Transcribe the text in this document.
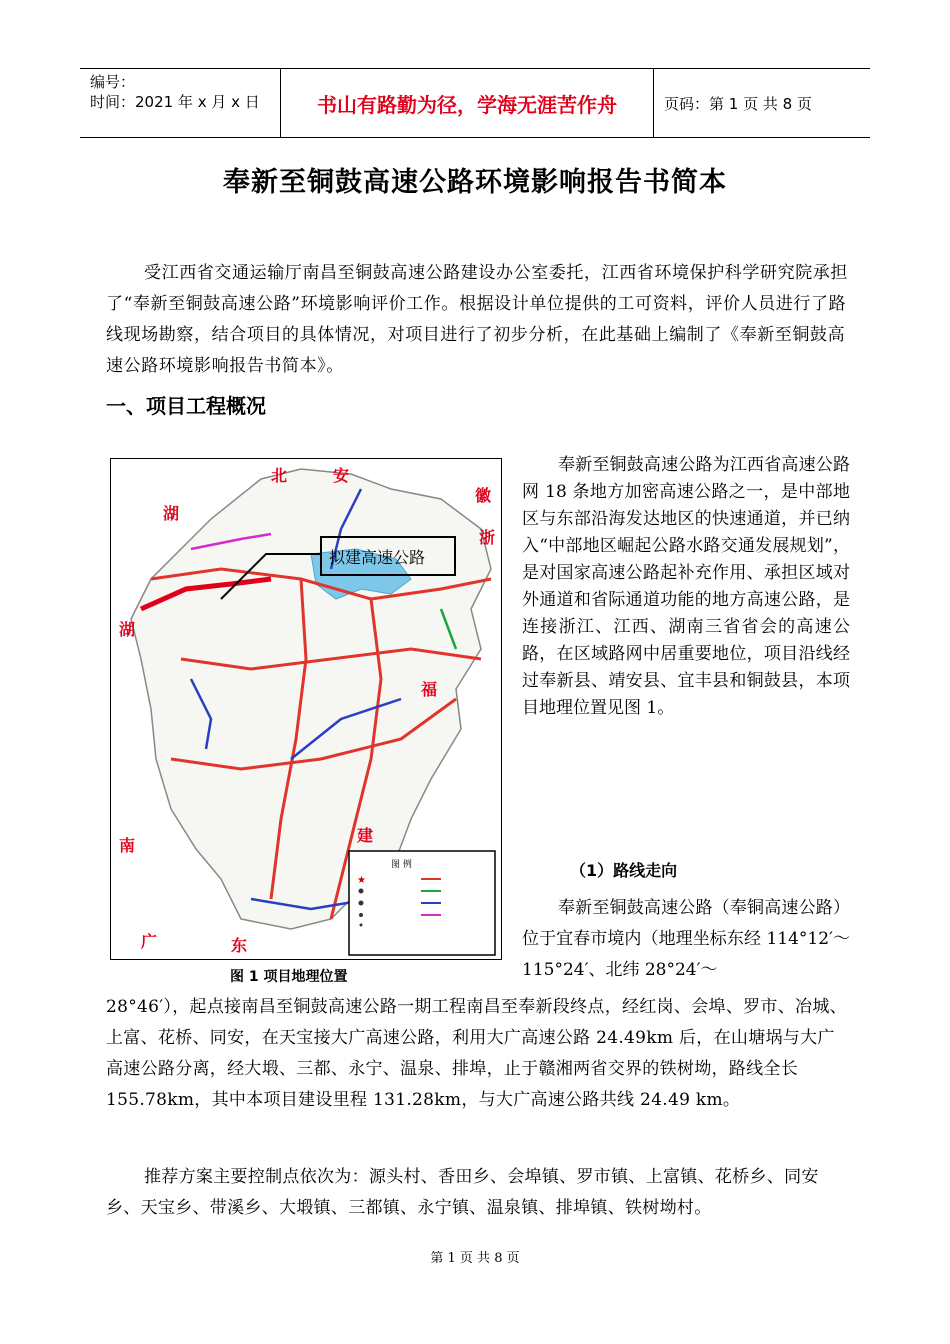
编号：
时间：2021 年 x 月 x 日	书山有路勤为径，学海无涯苦作舟	页码：第 1 页 共 8 页
奉新至铜鼓高速公路环境影响报告书简本
受江西省交通运输厅南昌至铜鼓高速公路建设办公室委托，江西省环境保护科学研究院承担了“奉新至铜鼓高速公路”环境影响评价工作。根据设计单位提供的工可资料，评价人员进行了路线现场勘察，结合项目的具体情况，对项目进行了初步分析，在此基础上编制了《奉新至铜鼓高速公路环境影响报告书简本》。
一、项目工程概况
拟建高速公路
北	安
徽
湖
浙
湖
福
南
建
广	东
图 例
★
图 1 项目地理位置
奉新至铜鼓高速公路为江西省高速公路网 18 条地方加密高速公路之一，是中部地区与东部沿海发达地区的快速通道，并已纳入“中部地区崛起公路水路交通发展规划”，是对国家高速公路起补充作用、承担区域对外通道和省际通道功能的地方高速公路，是连接浙江、江西、湖南三省省会的高速公路，在区域路网中居重要地位，项目沿线经过奉新县、靖安县、宜丰县和铜鼓县，本项目地理位置见图 1。
（1）路线走向
奉新至铜鼓高速公路（奉铜高速公路）位于宜春市境内（地理坐标东经 114°12′～115°24′、北纬 28°24′～
28°46′），起点接南昌至铜鼓高速公路一期工程南昌至奉新段终点，经红岗、会埠、罗市、冶城、上富、花桥、同安，在天宝接大广高速公路，利用大广高速公路 24.49km 后，在山塘埚与大广高速公路分离，经大塅、三都、永宁、温泉、排埠，止于赣湘两省交界的铁树坳，路线全长 155.78km，其中本项目建设里程 131.28km，与大广高速公路共线 24.49 km。
推荐方案主要控制点依次为：源头村、香田乡、会埠镇、罗市镇、上富镇、花桥乡、同安乡、天宝乡、带溪乡、大塅镇、三都镇、永宁镇、温泉镇、排埠镇、铁树坳村。
第 1 页 共 8 页
